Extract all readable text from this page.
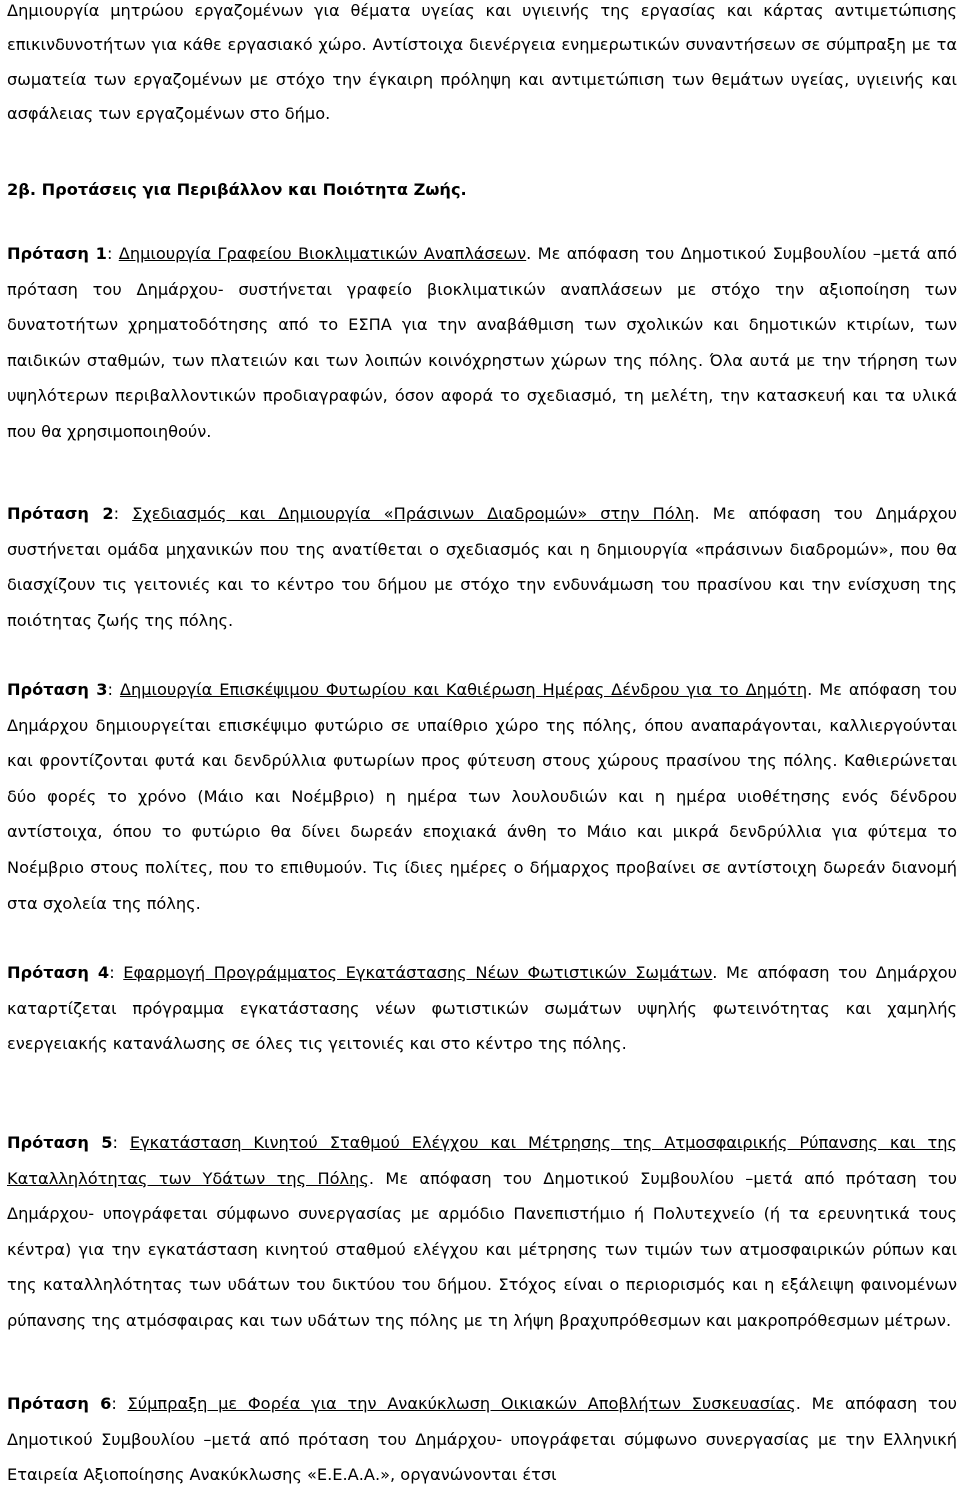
Δημιουργία μητρώου εργαζομένων για θέματα υγείας και υγιεινής της εργασίας και κάρτας αντιμετώπισης επικινδυνοτήτων για κάθε εργασιακό χώρο. Αντίστοιχα διενέργεια ενημερωτικών συναντήσεων σε σύμπραξη με τα σωματεία των εργαζομένων με στόχο την έγκαιρη πρόληψη και αντιμετώπιση των θεμάτων υγείας, υγιεινής και ασφάλειας των εργαζομένων στο δήμο.

2β. Προτάσεις για Περιβάλλον και Ποιότητα Ζωής.

Πρόταση 1: Δημιουργία Γραφείου Βιοκλιματικών Αναπλάσεων. Με απόφαση του Δημοτικού Συμβουλίου –μετά από πρόταση του Δημάρχου- συστήνεται γραφείο βιοκλιματικών αναπλάσεων με στόχο την αξιοποίηση των δυνατοτήτων χρηματοδότησης από το ΕΣΠΑ για την αναβάθμιση των σχολικών και δημοτικών κτιρίων, των παιδικών σταθμών, των πλατειών και των λοιπών κοινόχρηστων χώρων της πόλης. Όλα αυτά με την τήρηση των υψηλότερων περιβαλλοντικών προδιαγραφών, όσον αφορά το σχεδιασμό, τη μελέτη, την κατασκευή και τα υλικά που θα χρησιμοποιηθούν.

Πρόταση 2: Σχεδιασμός και Δημιουργία «Πράσινων Διαδρομών» στην Πόλη. Με απόφαση του Δημάρχου συστήνεται ομάδα μηχανικών που της ανατίθεται ο σχεδιασμός και η δημιουργία «πράσινων διαδρομών», που θα διασχίζουν τις γειτονιές και το κέντρο του δήμου με στόχο την ενδυνάμωση του πρασίνου και την ενίσχυση της ποιότητας ζωής της πόλης.

Πρόταση 3: Δημιουργία Επισκέψιμου Φυτωρίου και Καθιέρωση Ημέρας Δένδρου για το Δημότη. Με απόφαση του Δημάρχου δημιουργείται επισκέψιμο φυτώριο σε υπαίθριο χώρο της πόλης, όπου αναπαράγονται, καλλιεργούνται και φροντίζονται φυτά και δενδρύλλια φυτωρίων προς φύτευση στους χώρους πρασίνου της πόλης. Καθιερώνεται δύο φορές το χρόνο (Μάιο και Νοέμβριο) η ημέρα των λουλουδιών και η ημέρα υιοθέτησης ενός δένδρου αντίστοιχα, όπου το φυτώριο θα δίνει δωρεάν εποχιακά άνθη το Μάιο και μικρά δενδρύλλια για φύτεμα το Νοέμβριο στους πολίτες, που το επιθυμούν. Τις ίδιες ημέρες ο δήμαρχος προβαίνει σε αντίστοιχη δωρεάν διανομή στα σχολεία της πόλης.

Πρόταση 4: Εφαρμογή Προγράμματος Εγκατάστασης Νέων Φωτιστικών Σωμάτων. Με απόφαση του Δημάρχου καταρτίζεται πρόγραμμα εγκατάστασης νέων φωτιστικών σωμάτων υψηλής φωτεινότητας και χαμηλής ενεργειακής κατανάλωσης σε όλες τις γειτονιές και στο κέντρο της πόλης.

Πρόταση 5: Εγκατάσταση Κινητού Σταθμού Ελέγχου και Μέτρησης της Ατμοσφαιρικής Ρύπανσης και της Καταλληλότητας των Υδάτων της Πόλης. Με απόφαση του Δημοτικού Συμβουλίου –μετά από πρόταση του Δημάρχου- υπογράφεται σύμφωνο συνεργασίας με αρμόδιο Πανεπιστήμιο ή Πολυτεχνείο (ή τα ερευνητικά τους κέντρα) για την εγκατάσταση κινητού σταθμού ελέγχου και μέτρησης των τιμών των ατμοσφαιρικών ρύπων και της καταλληλότητας των υδάτων του δικτύου του δήμου. Στόχος είναι ο περιορισμός και η εξάλειψη φαινομένων ρύπανσης της ατμόσφαιρας και των υδάτων της πόλης με τη λήψη βραχυπρόθεσμων και μακροπρόθεσμων μέτρων.

Πρόταση 6: Σύμπραξη με Φορέα για την Ανακύκλωση Οικιακών Αποβλήτων Συσκευασίας. Με απόφαση του Δημοτικού Συμβουλίου –μετά από πρόταση του Δημάρχου- υπογράφεται σύμφωνο συνεργασίας με την Ελληνική Εταιρεία Αξιοποίησης Ανακύκλωσης «Ε.Ε.Α.Α.», οργανώνονται έτσι
